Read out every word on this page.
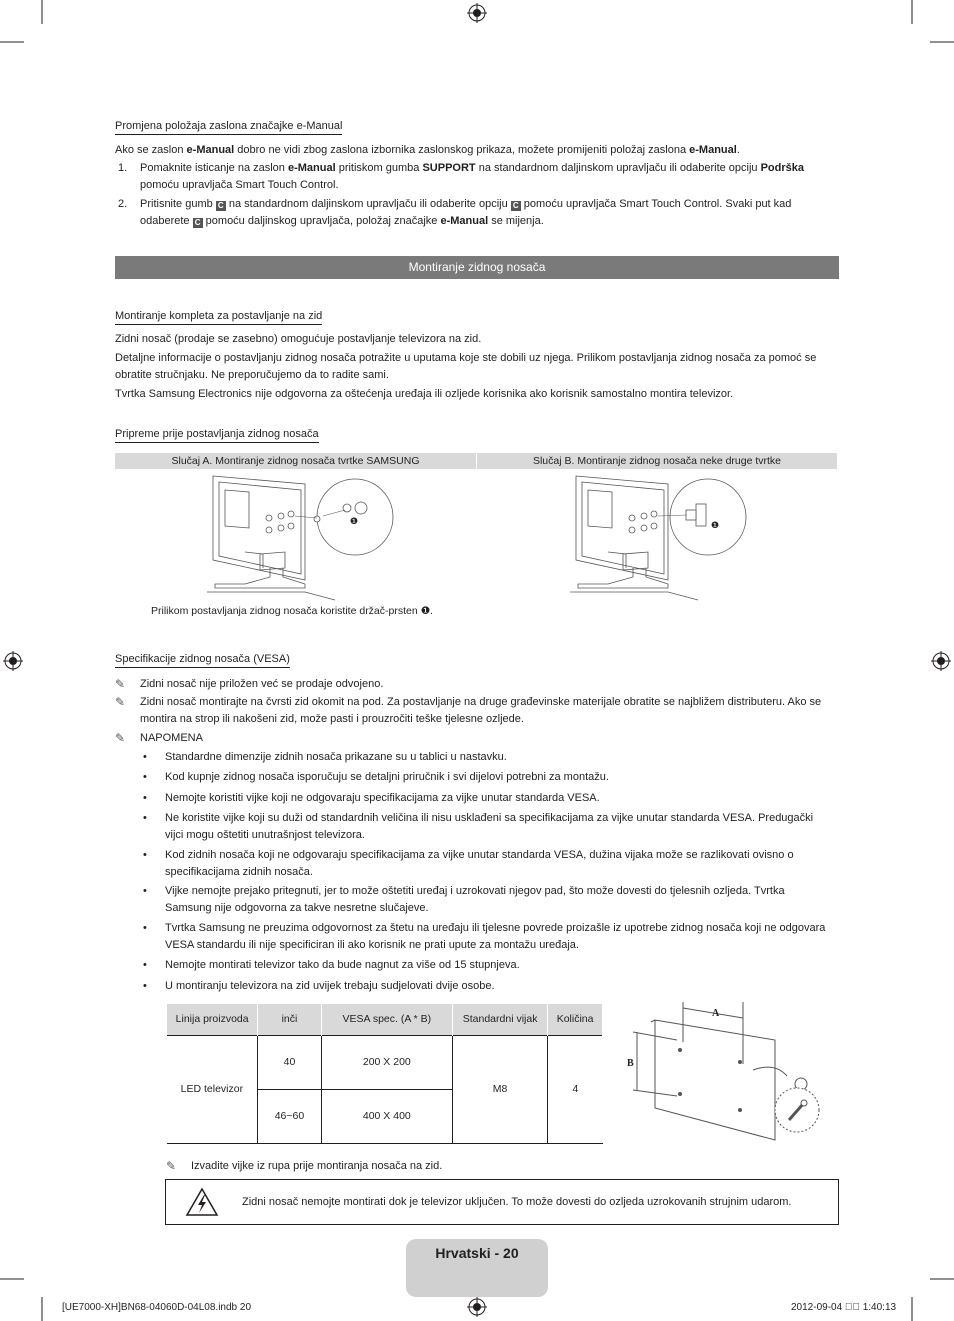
Promjena položaja zaslona značajke e-Manual
Ako se zaslon e-Manual dobro ne vidi zbog zaslona izbornika zaslonskog prikaza, možete promijeniti položaj zaslona e-Manual.
1. Pomaknite isticanje na zaslon e-Manual pritiskom gumba SUPPORT na standardnom daljinskom upravljaču ili odaberite opciju Podrška pomoću upravljača Smart Touch Control.
2. Pritisnite gumb C na standardnom daljinskom upravljaču ili odaberite opciju C pomoću upravljača Smart Touch Control. Svaki put kad odaberete C pomoću daljinskog upravljača, položaj značajke e-Manual se mijenja.
Montiranje zidnog nosača
Montiranje kompleta za postavljanje na zid

Zidni nosač (prodaje se zasebno) omogućuje postavljanje televizora na zid.

Detaljne informacije o postavljanju zidnog nosača potražite u uputama koje ste dobili uz njega. Prilikom postavljanja zidnog nosača za pomoć se obratite stručnjaku. Ne preporučujemo da to radite sami.

Tvrtka Samsung Electronics nije odgovorna za oštećenja uređaja ili ozljede korisnika ako korisnik samostalno montira televizor.

Pripreme prije postavljanja zidnog nosača
Slučaj A. Montiranje zidnog nosača tvrtke SAMSUNG	Slučaj B. Montiranje zidnog nosača neke druge tvrtke
❶	❶
Prilikom postavljanja zidnog nosača koristite držač-prsten ❶.
Specifikacije zidnog nosača (VESA)
✎ Zidni nosač nije priložen već se prodaje odvojeno.
✎ Zidni nosač montirajte na čvrsti zid okomit na pod. Za postavljanje na druge građevinske materijale obratite se najbližem distributeru. Ako se montira na strop ili nakošeni zid, može pasti i prouzročiti teške tjelesne ozljede.
✎ NAPOMENA
• Standardne dimenzije zidnih nosača prikazane su u tablici u nastavku.
• Kod kupnje zidnog nosača isporučuju se detaljni priručnik i svi dijelovi potrebni za montažu.
• Nemojte koristiti vijke koji ne odgovaraju specifikacijama za vijke unutar standarda VESA.
• Ne koristite vijke koji su duži od standardnih veličina ili nisu usklađeni sa specifikacijama za vijke unutar standarda VESA. Predugački vijci mogu oštetiti unutrašnjost televizora.
• Kod zidnih nosača koji ne odgovaraju specifikacijama za vijke unutar standarda VESA, dužina vijaka može se razlikovati ovisno o specifikacijama zidnih nosača.
• Vijke nemojte prejako pritegnuti, jer to može oštetiti uređaj i uzrokovati njegov pad, što može dovesti do tjelesnih ozljeda. Tvrtka Samsung nije odgovorna za takve nesretne slučajeve.
• Tvrtka Samsung ne preuzima odgovornost za štetu na uređaju ili tjelesne povrede proizašle iz upotrebe zidnog nosača koji ne odgovara VESA standardu ili nije specificiran ili ako korisnik ne prati upute za montažu uređaja.
• Nemojte montirati televizor tako da bude nagnut za više od 15 stupnjeva.
• U montiranju televizora na zid uvijek trebaju sudjelovati dvije osobe.
Linija proizvoda	inči	VESA spec. (A * B)	Standardni vijak	Količina
LED televizor	40	200 X 200	M8	4
	46~60	400 X 400		
A
B
✎ Izvadite vijke iz rupa prije montiranja nosača na zid.
Zidni nosač nemojte montirati dok je televizor uključen. To može dovesti do ozljeda uzrokovanih strujnim udarom.
Hrvatski - 20
[UE7000-XH]BN68-04060D-04L08.indb 20	2012-09-04 ￿￿ 1:40:13
